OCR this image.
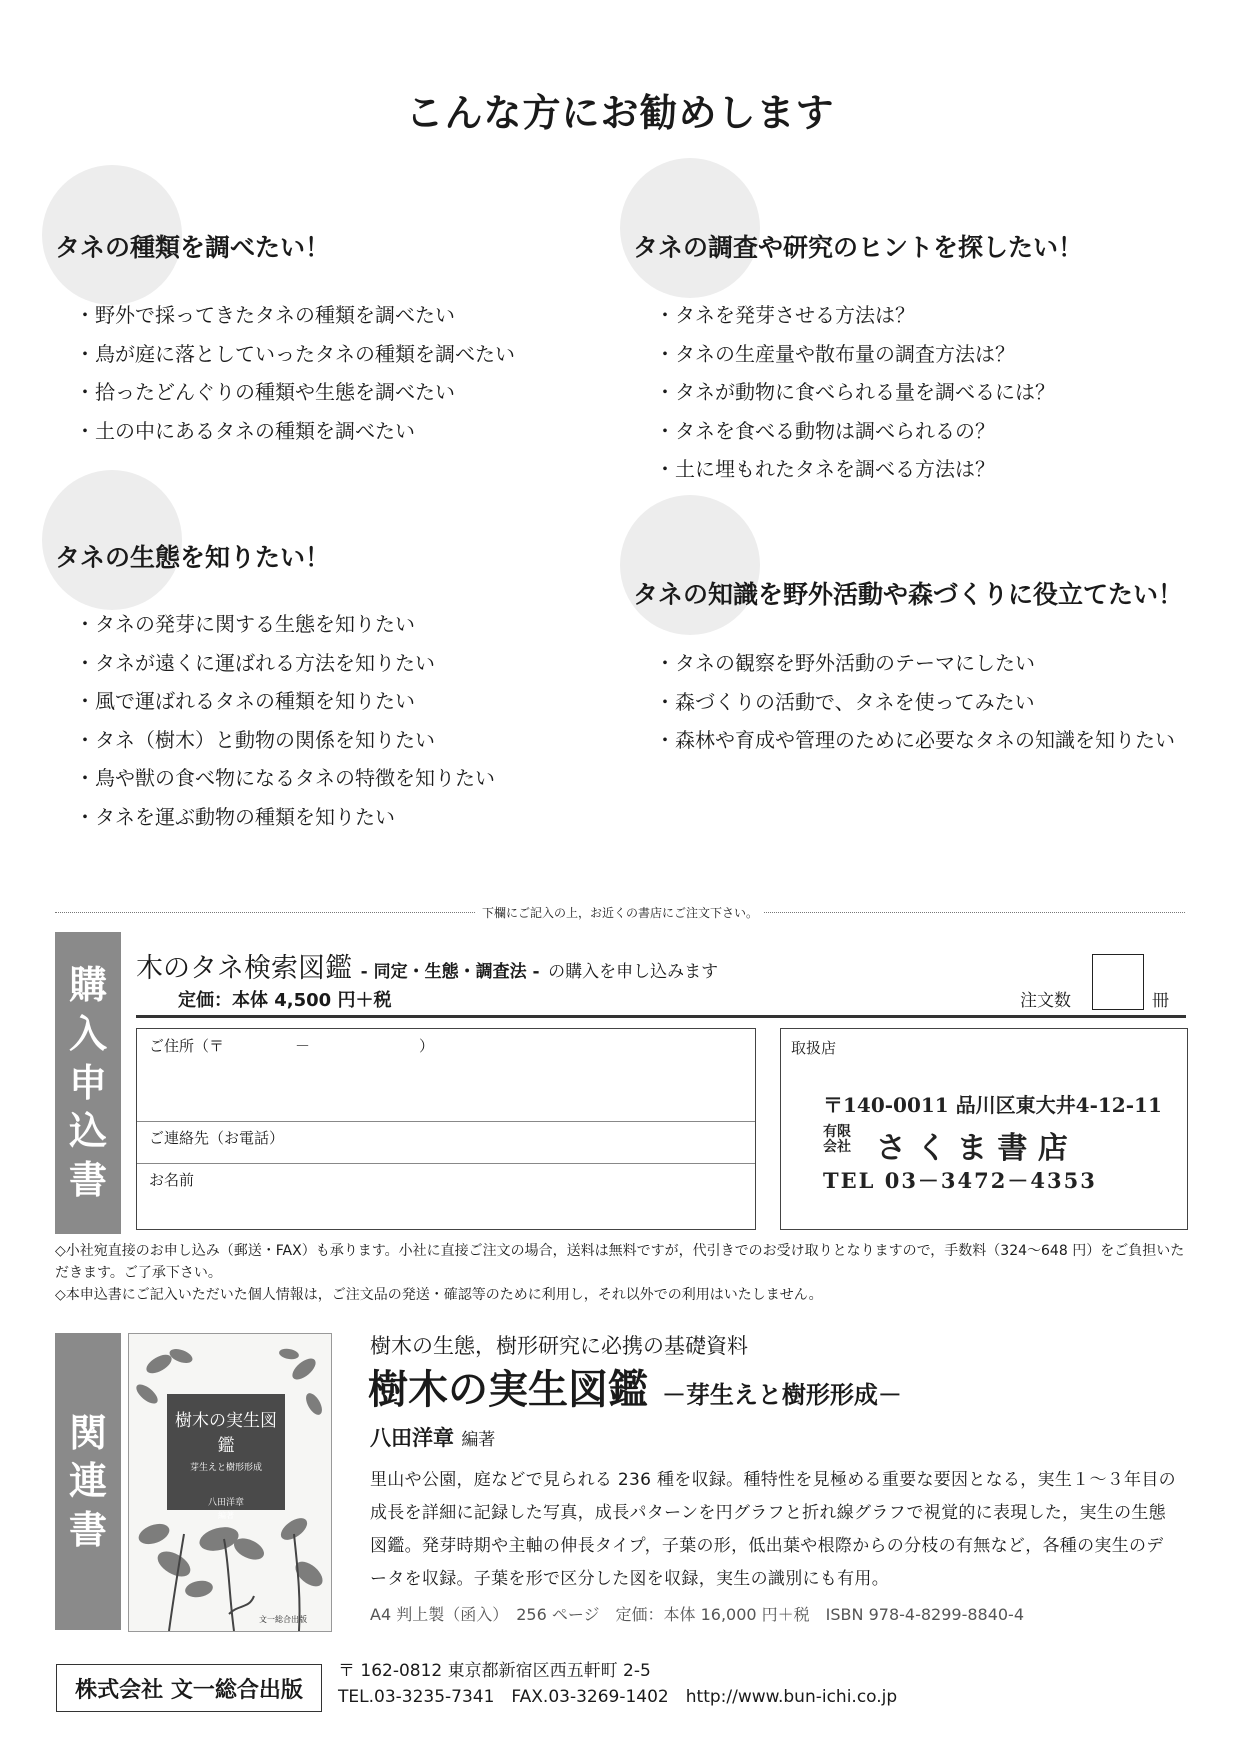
こんな方にお勧めします
タネの種類を調べたい！
・ 野外で採ってきたタネの種類を調べたい
・ 鳥が庭に落としていったタネの種類を調べたい
・ 拾ったどんぐりの種類や生態を調べたい
・ 土の中にあるタネの種類を調べたい
タネの調査や研究のヒントを探したい！
・ タネを発芽させる方法は？
・ タネの生産量や散布量の調査方法は？
・ タネが動物に食べられる量を調べるには？
・ タネを食べる動物は調べられるの？
・ 土に埋もれたタネを調べる方法は？
タネの生態を知りたい！
・ タネの発芽に関する生態を知りたい
・ タネが遠くに運ばれる方法を知りたい
・ 風で運ばれるタネの種類を知りたい
・ タネ（樹木）と動物の関係を知りたい
・ 鳥や獣の食べ物になるタネの特徴を知りたい
・ タネを運ぶ動物の種類を知りたい
タネの知識を野外活動や森づくりに役立てたい！
・ タネの観察を野外活動のテーマにしたい
・ 森づくりの活動で、タネを使ってみたい
・ 森林や育成や管理のために必要なタネの知識を知りたい
下欄にご記入の上，お近くの書店にご注文下さい。
購
入
申
込
書
木のタネ検索図鑑 - 同定・生態・調査法 - の購入を申し込みます
定価：本体 4,500 円＋税	注文数	冊
ご住所（〒	－	）
ご連絡先（お電話）
お名前
取扱店
〒140-0011 品川区東大井4-12-11
有限
会社 さ く ま 書 店
TEL 03－3472－4353
◇小社宛直接のお申し込み（郵送・FAX）も承ります。小社に直接ご注文の場合，送料は無料ですが，代引きでのお受け取りとなりますので，手数料（324～648 円）をご負担いただきます。ご了承下さい。
◇本申込書にご記入いただいた個人情報は，ご注文品の発送・確認等のために利用し，それ以外での利用はいたしません。
関
連
書
樹木の実生図鑑
芽生えと樹形形成
八田洋章
編著
文一総合出版
樹木の生態，樹形研究に必携の基礎資料
樹木の実生図鑑 －芽生えと樹形形成－
八田洋章 編著
里山や公園，庭などで見られる 236 種を収録。種特性を見極める重要な要因となる，実生１～３年目の成長を詳細に記録した写真，成長パターンを円グラフと折れ線グラフで視覚的に表現した，実生の生態図鑑。発芽時期や主軸の伸長タイプ，子葉の形，低出葉や根際からの分枝の有無など，各種の実生のデータを収録。子葉を形で区分した図を収録，実生の識別にも有用。
A4 判上製（函入）　256 ページ　定価：本体 16,000 円＋税　ISBN 978-4-8299-8840-4
株式会社 文一総合出版
〒 162-0812 東京都新宿区西五軒町 2-5
TEL.03-3235-7341　FAX.03-3269-1402　http://www.bun-ichi.co.jp
